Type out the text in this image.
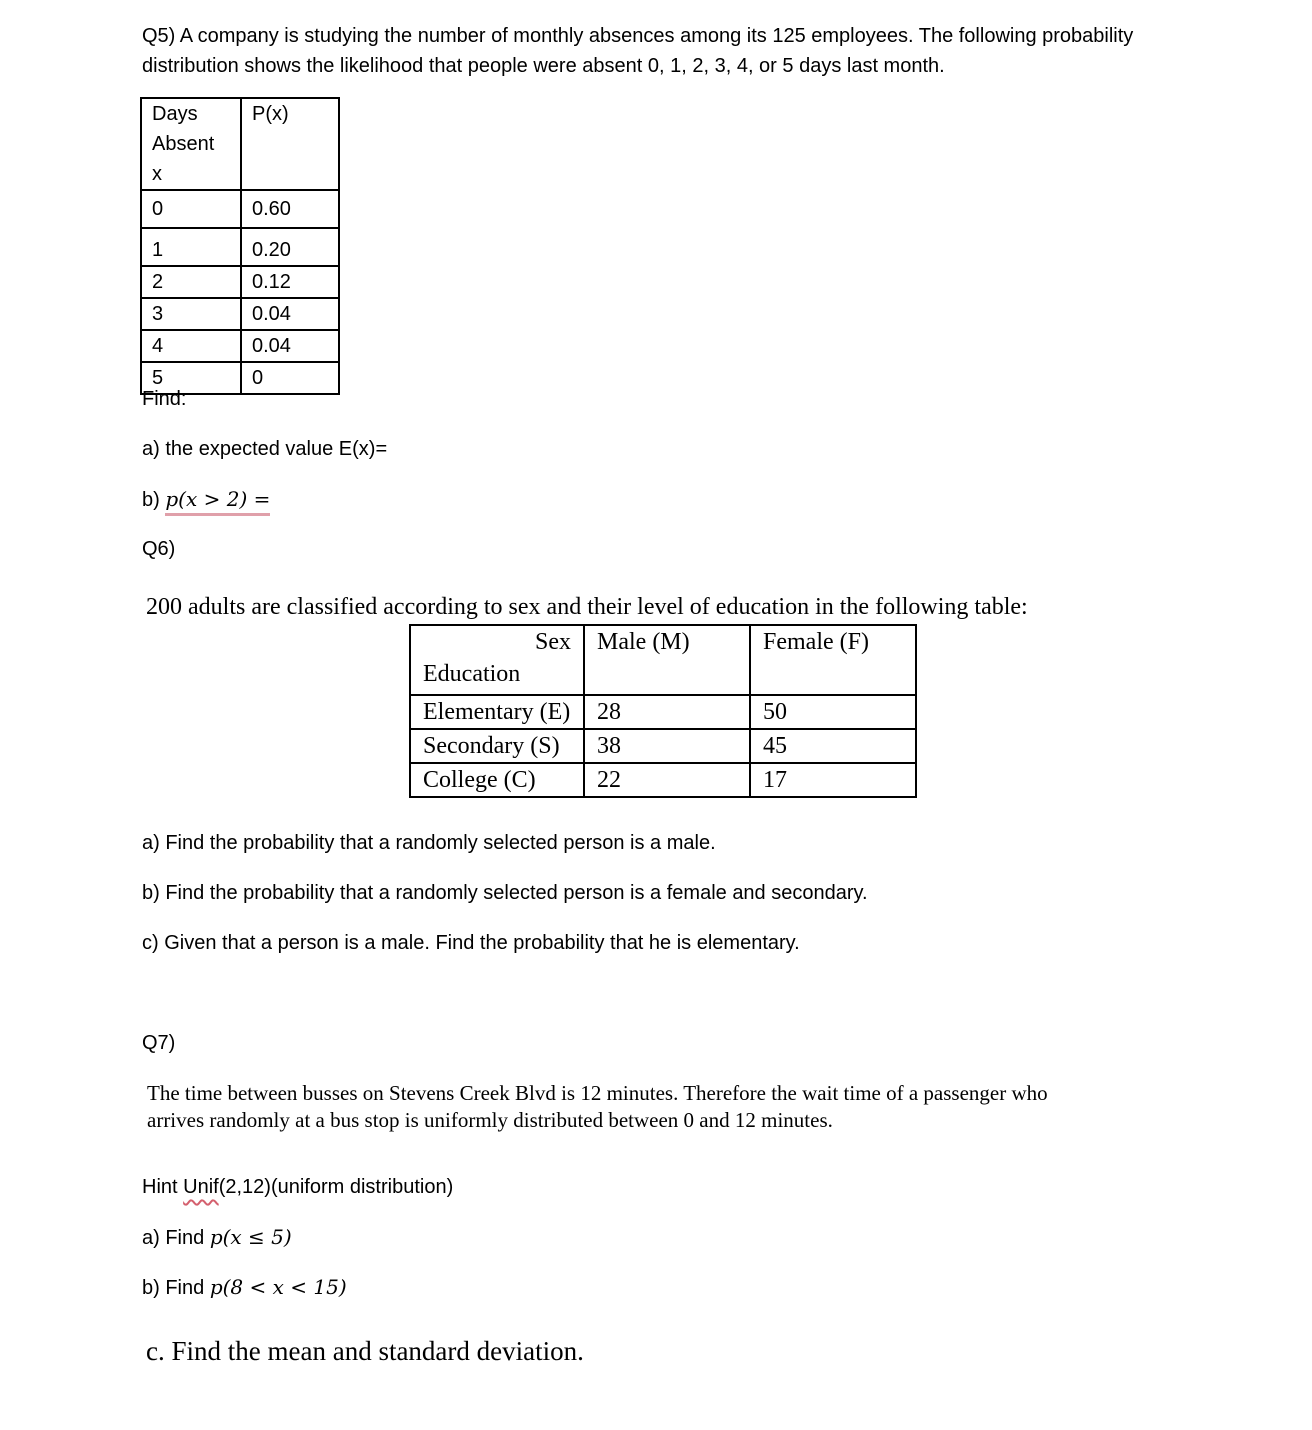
Q5) A company is studying the number of monthly absences among its 125 employees. The following probability
distribution shows the likelihood that people were absent 0, 1, 2, 3, 4, or 5 days last month.
Days
Absent
x	P(x)
0	0.60
1	0.20
2	0.12
3	0.04
4	0.04
5	0
Find:
a) the expected value E(x)=
b) p(x > 2) =
Q6)
200 adults are classified according to sex and their level of education in the following table:
Sex
Education	Male (M)	Female (F)
Elementary (E)	28	50
Secondary (S)	38	45
College (C)	22	17
a) Find the probability that a randomly selected person is a male.
b) Find the probability that a randomly selected person is a female and secondary.
c) Given that a person is a male. Find the probability that he is elementary.
Q7)
The time between busses on Stevens Creek Blvd is 12 minutes. Therefore the wait time of a passenger who
arrives randomly at a bus stop is uniformly distributed between 0 and 12 minutes.
Hint Unif(2,12)(uniform distribution)
a) Find p(x ≤ 5)
b) Find p(8 < x < 15)
c. Find the mean and standard deviation.
